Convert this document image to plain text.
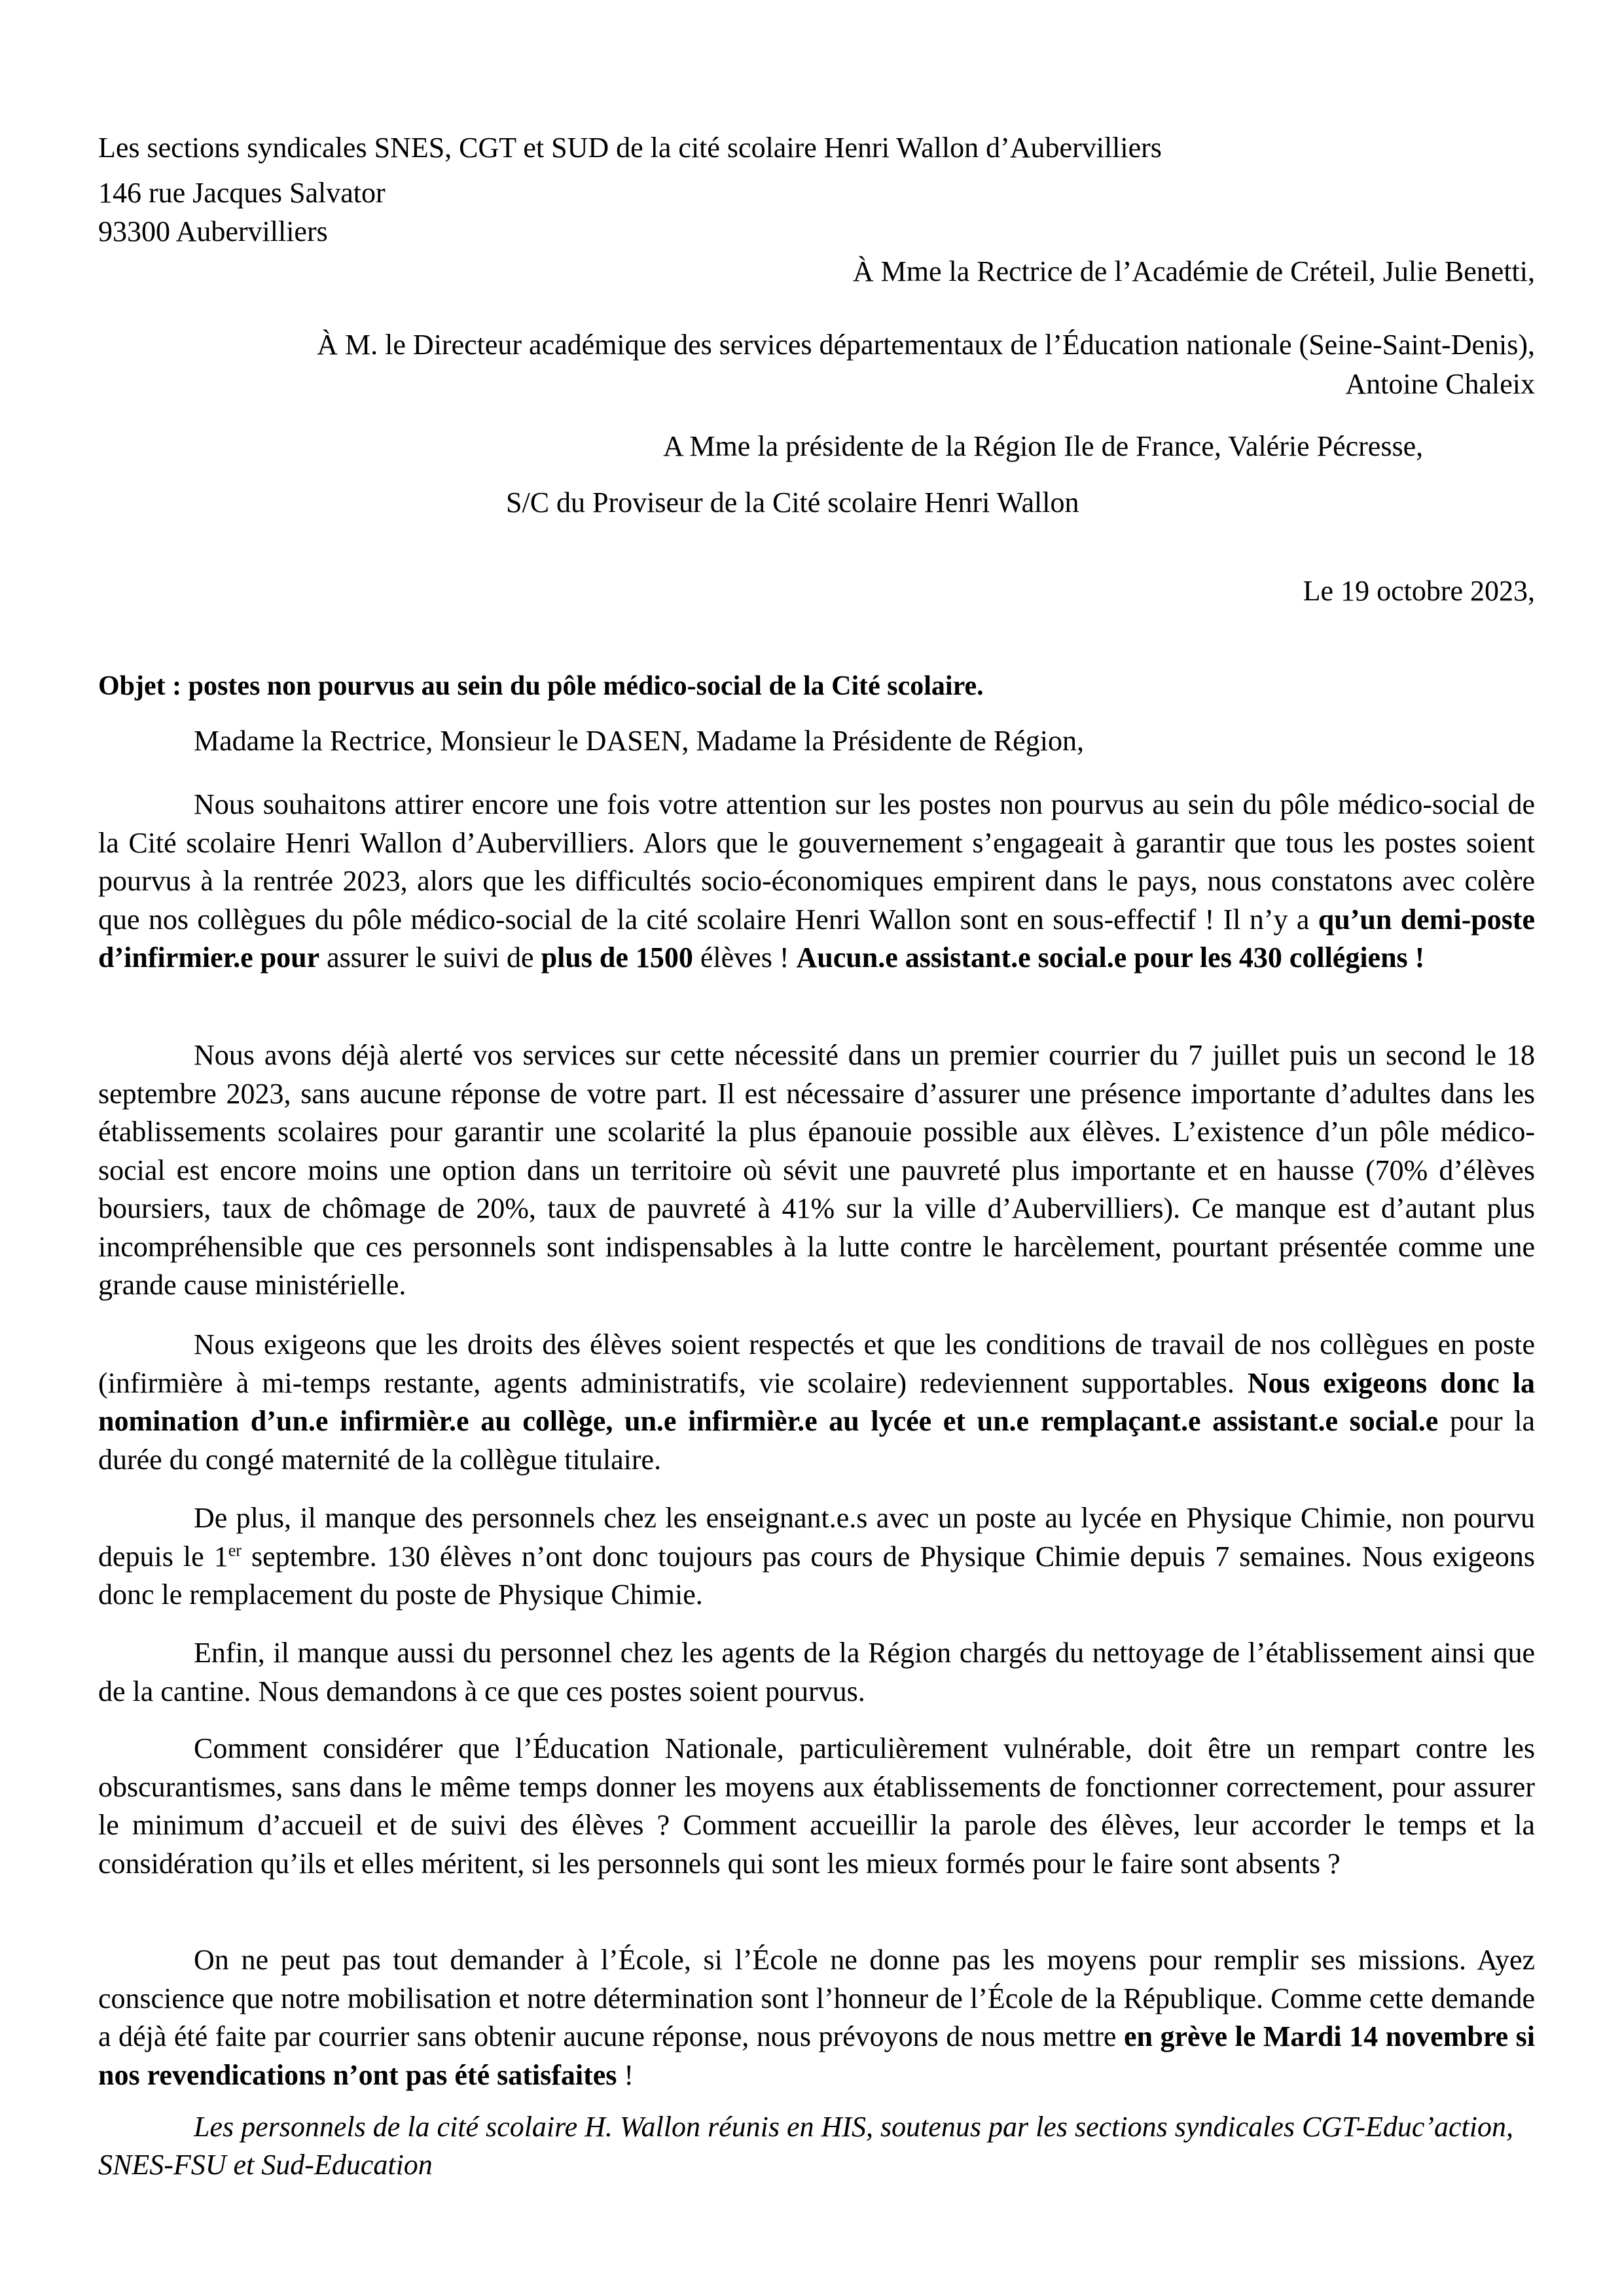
Les sections syndicales SNES, CGT et SUD de la cité scolaire Henri Wallon d’Aubervilliers
146 rue Jacques Salvator
93300 Aubervilliers
À Mme la Rectrice de l’Académie de Créteil, Julie Benetti,
À M. le Directeur académique des services départementaux de l’Éducation nationale (Seine-Saint-Denis),
Antoine Chaleix
A Mme la présidente de la Région Ile de France, Valérie Pécresse,
S/C du Proviseur de la Cité scolaire Henri Wallon
Le 19 octobre 2023,
Objet : postes non pourvus au sein du pôle médico-social de la Cité scolaire.
Madame la Rectrice, Monsieur le DASEN, Madame la Présidente de Région,

Nous souhaitons attirer encore une fois votre attention sur les postes non pourvus au sein du pôle médico-social de la Cité scolaire Henri Wallon d’Aubervilliers. Alors que le gouvernement s’engageait à garantir que tous les postes soient pourvus à la rentrée 2023, alors que les difficultés socio-économiques empirent dans le pays, nous constatons avec colère que nos collègues du pôle médico-social de la cité scolaire Henri Wallon sont en sous-effectif ! Il n’y a qu’un demi-poste d’infirmier.e pour assurer le suivi de plus de 1500 élèves ! Aucun.e assistant.e social.e pour les 430 collégiens !

Nous avons déjà alerté vos services sur cette nécessité dans un premier courrier du 7 juillet puis un second le 18 septembre 2023, sans aucune réponse de votre part. Il est nécessaire d’assurer une présence importante d’adultes dans les établissements scolaires pour garantir une scolarité la plus épanouie possible aux élèves. L’existence d’un pôle médico-social est encore moins une option dans un territoire où sévit une pauvreté plus importante et en hausse (70% d’élèves boursiers, taux de chômage de 20%, taux de pauvreté à 41% sur la ville d’Aubervilliers). Ce manque est d’autant plus incompréhensible que ces personnels sont indispensables à la lutte contre le harcèlement, pourtant présentée comme une grande cause ministérielle.

Nous exigeons que les droits des élèves soient respectés et que les conditions de travail de nos collègues en poste (infirmière à mi-temps restante, agents administratifs, vie scolaire) redeviennent supportables. Nous exigeons donc la nomination d’un.e infirmièr.e au collège, un.e infirmièr.e au lycée et un.e remplaçant.e assistant.e social.e pour la durée du congé maternité de la collègue titulaire.

De plus, il manque des personnels chez les enseignant.e.s avec un poste au lycée en Physique Chimie, non pourvu depuis le 1er septembre. 130 élèves n’ont donc toujours pas cours de Physique Chimie depuis 7 semaines. Nous exigeons donc le remplacement du poste de Physique Chimie.

Enfin, il manque aussi du personnel chez les agents de la Région chargés du nettoyage de l’établissement ainsi que de la cantine. Nous demandons à ce que ces postes soient pourvus.

Comment considérer que l’Éducation Nationale, particulièrement vulnérable, doit être un rempart contre les obscurantismes, sans dans le même temps donner les moyens aux établissements de fonctionner correctement, pour assurer le minimum d’accueil et de suivi des élèves ? Comment accueillir la parole des élèves, leur accorder le temps et la considération qu’ils et elles méritent, si les personnels qui sont les mieux formés pour le faire sont absents ?

On ne peut pas tout demander à l’École, si l’École ne donne pas les moyens pour remplir ses missions. Ayez conscience que notre mobilisation et notre détermination sont l’honneur de l’École de la République. Comme cette demande a déjà été faite par courrier sans obtenir aucune réponse, nous prévoyons de nous mettre en grève le Mardi 14 novembre si nos revendications n’ont pas été satisfaites !

Les personnels de la cité scolaire H. Wallon réunis en HIS, soutenus par les sections syndicales CGT-Educ’action, SNES-FSU et Sud-Education
